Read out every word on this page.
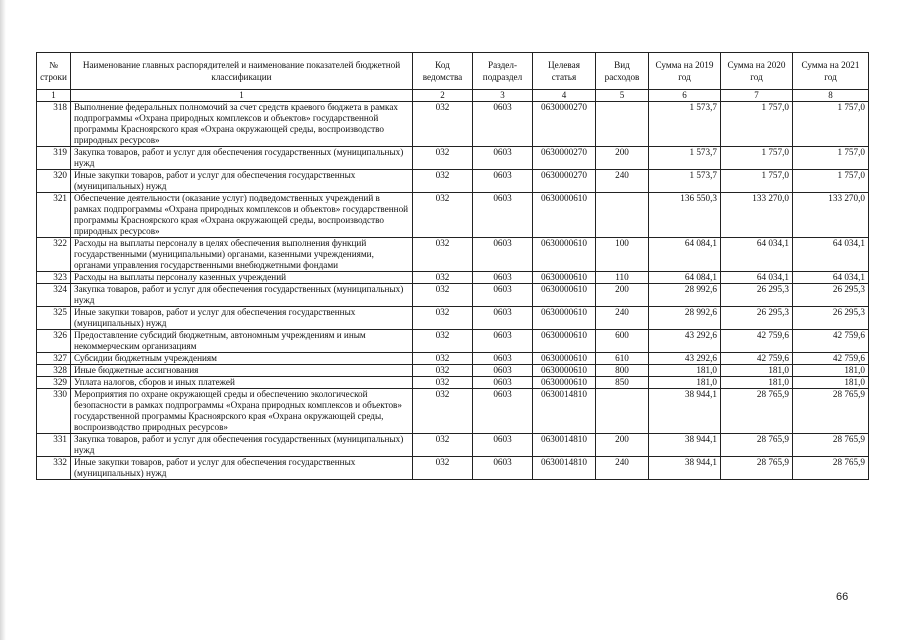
№ строки	Наименование главных распорядителей и наименование показателей бюджетной классификации	Код ведомства	Раздел-подраздел	Целевая статья	Вид расходов	Сумма на 2019 год	Сумма на 2020 год	Сумма на 2021 год
1	1	2	3	4	5	6	7	8
318	Выполнение федеральных полномочий за счет средств краевого бюджета в рамках подпрограммы «Охрана природных комплексов и объектов» государственной программы Красноярского края «Охрана окружающей среды, воспроизводство природных ресурсов»	032	0603	0630000270		1 573,7	1 757,0	1 757,0
319	Закупка товаров, работ и услуг для обеспечения государственных (муниципальных) нужд	032	0603	0630000270	200	1 573,7	1 757,0	1 757,0
320	Иные закупки товаров, работ и услуг для обеспечения государственных (муниципальных) нужд	032	0603	0630000270	240	1 573,7	1 757,0	1 757,0
321	Обеспечение деятельности (оказание услуг) подведомственных учреждений в рамках подпрограммы «Охрана природных комплексов и объектов» государственной программы Красноярского края «Охрана окружающей среды, воспроизводство природных ресурсов»	032	0603	0630000610		136 550,3	133 270,0	133 270,0
322	Расходы на выплаты персоналу в целях обеспечения выполнения функций государственными (муниципальными) органами, казенными учреждениями, органами управления государственными внебюджетными фондами	032	0603	0630000610	100	64 084,1	64 034,1	64 034,1
323	Расходы на выплаты персоналу казенных учреждений	032	0603	0630000610	110	64 084,1	64 034,1	64 034,1
324	Закупка товаров, работ и услуг для обеспечения государственных (муниципальных) нужд	032	0603	0630000610	200	28 992,6	26 295,3	26 295,3
325	Иные закупки товаров, работ и услуг для обеспечения государственных (муниципальных) нужд	032	0603	0630000610	240	28 992,6	26 295,3	26 295,3
326	Предоставление субсидий бюджетным, автономным учреждениям и иным некоммерческим организациям	032	0603	0630000610	600	43 292,6	42 759,6	42 759,6
327	Субсидии бюджетным учреждениям	032	0603	0630000610	610	43 292,6	42 759,6	42 759,6
328	Иные бюджетные ассигнования	032	0603	0630000610	800	181,0	181,0	181,0
329	Уплата налогов, сборов и иных платежей	032	0603	0630000610	850	181,0	181,0	181,0
330	Мероприятия по охране окружающей среды и обеспечению экологической безопасности в рамках подпрограммы «Охрана природных комплексов и объектов» государственной программы Красноярского края «Охрана окружающей среды, воспроизводство природных ресурсов»	032	0603	0630014810		38 944,1	28 765,9	28 765,9
331	Закупка товаров, работ и услуг для обеспечения государственных (муниципальных) нужд	032	0603	0630014810	200	38 944,1	28 765,9	28 765,9
332	Иные закупки товаров, работ и услуг для обеспечения государственных (муниципальных) нужд	032	0603	0630014810	240	38 944,1	28 765,9	28 765,9
66
